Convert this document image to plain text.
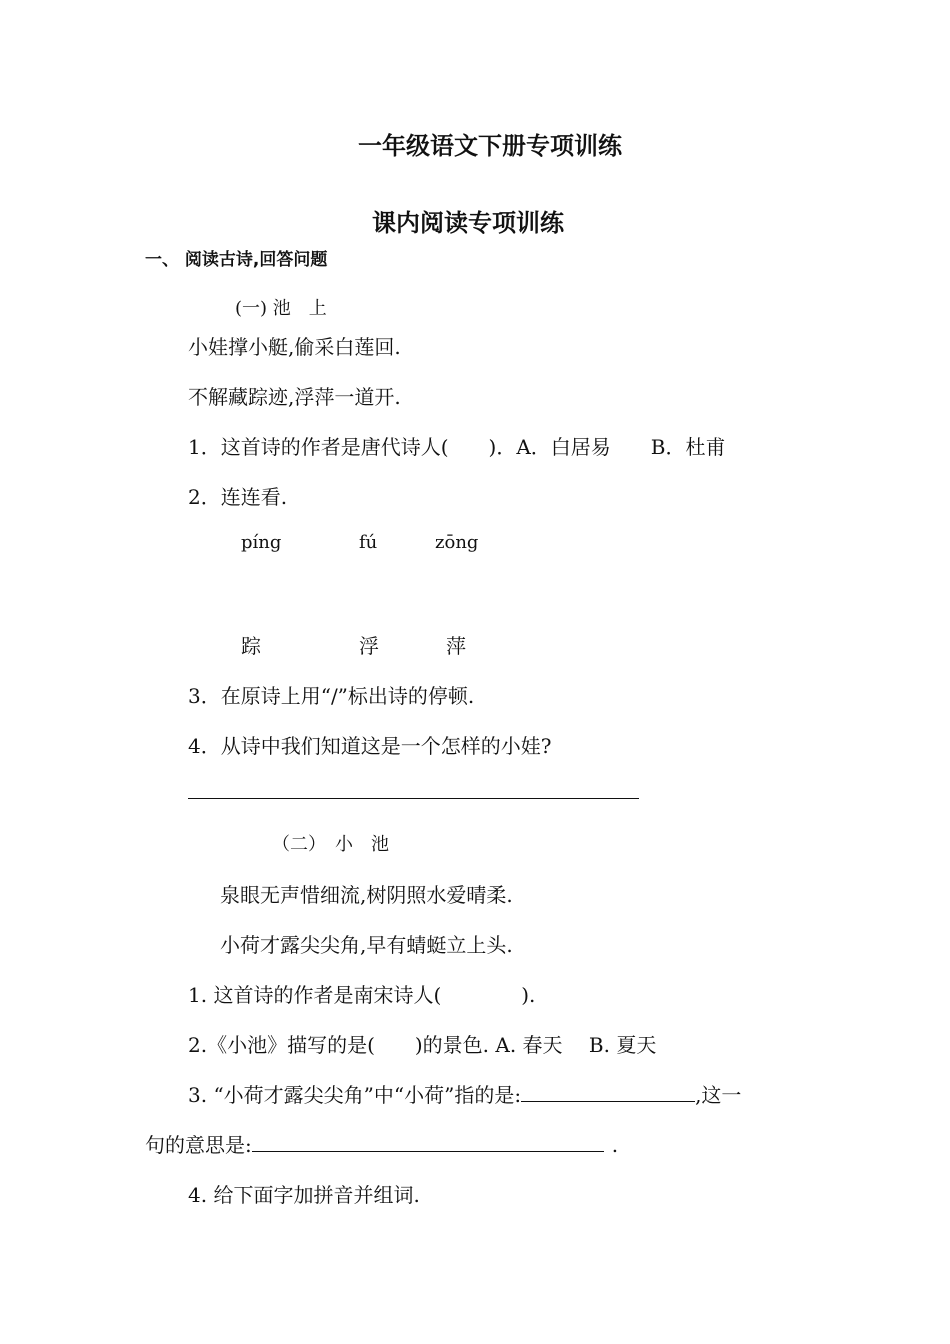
一年级语文下册专项训练
课内阅读专项训练
一、 阅读古诗,回答问题
(一) 池　上
小娃撑小艇,偷采白莲回.
不解藏踪迹,浮萍一道开.
1．这首诗的作者是唐代诗人(　　)．A．白居易　　B．杜甫
2．连连看.
píng	fú	zōng
踪	浮	萍
3．在原诗上用“/”标出诗的停顿.
4．从诗中我们知道这是一个怎样的小娃?
（二）　小　池
泉眼无声惜细流,树阴照水爱晴柔.
小荷才露尖尖角,早有蜻蜓立上头.
1. 这首诗的作者是南宋诗人(　　　　).
2.《小池》描写的是(　　)的景色. A. 春天　 B. 夏天
3. “小荷才露尖尖角”中“小荷”指的是:	,这一
句的意思是:	.
4. 给下面字加拼音并组词.
